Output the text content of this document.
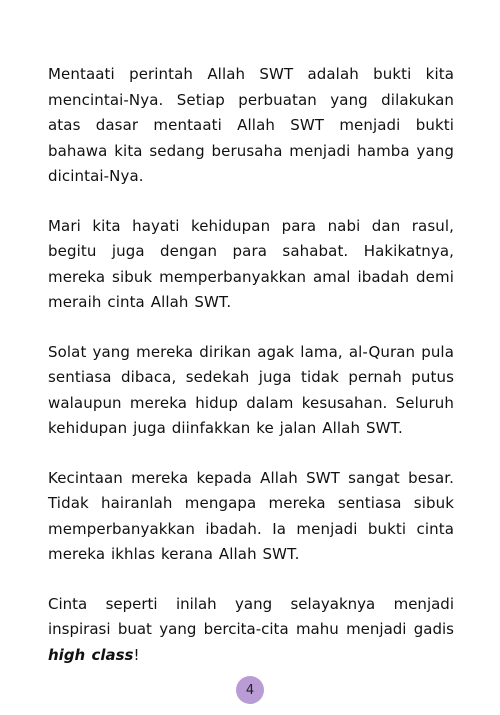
Mentaati perintah Allah SWT adalah bukti kita mencintai-Nya. Setiap perbuatan yang dilakukan atas dasar mentaati Allah SWT menjadi bukti bahawa kita sedang berusaha menjadi hamba yang dicintai-Nya.

Mari kita hayati kehidupan para nabi dan rasul, begitu juga dengan para sahabat. Hakikatnya, mereka sibuk memperbanyakkan amal ibadah demi meraih cinta Allah SWT.

Solat yang mereka dirikan agak lama, al-Quran pula sentiasa dibaca, sedekah juga tidak pernah putus walaupun mereka hidup dalam kesusahan. Seluruh kehidupan juga diinfakkan ke jalan Allah SWT.

Kecintaan mereka kepada Allah SWT sangat besar. Tidak hairanlah mengapa mereka sentiasa sibuk memperbanyakkan ibadah. Ia menjadi bukti cinta mereka ikhlas kerana Allah SWT.

Cinta seperti inilah yang selayaknya menjadi inspirasi buat yang bercita-cita mahu menjadi gadis high class!

4
